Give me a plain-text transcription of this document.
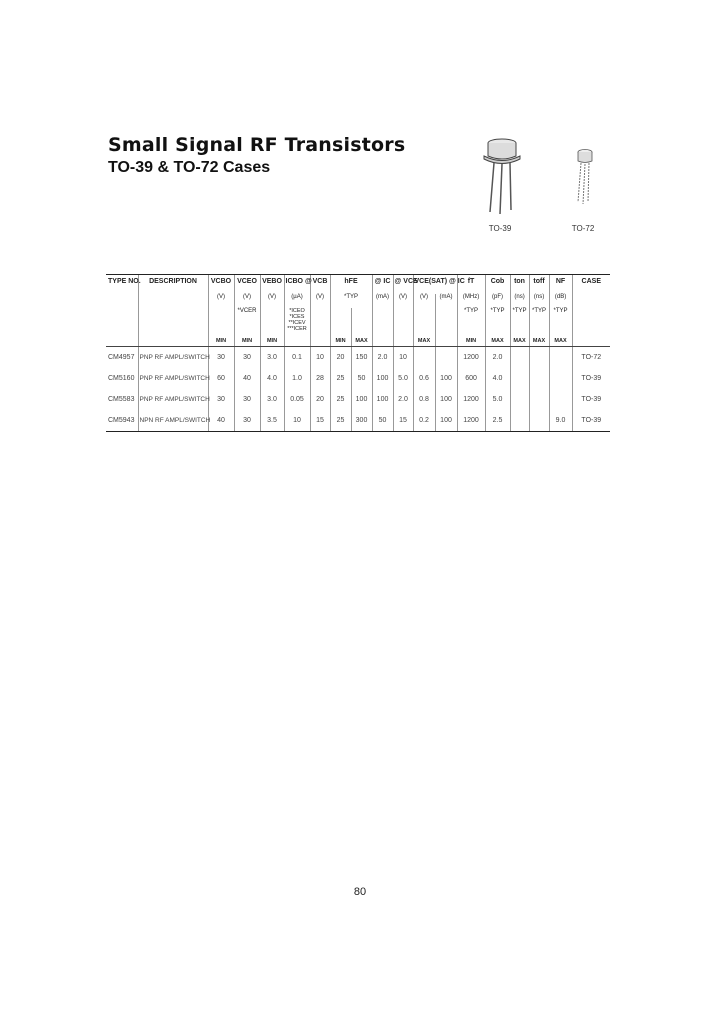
Small Signal RF Transistors
TO-39 & TO-72 Cases
TO-39	TO-72
TYPE NO.	DESCRIPTION	VCBO	VCEO	VEBO	ICBO @	VCB	hFE		@ IC	@ VCE	VCE(SAT) @ IC		fT	Cob	ton	toff	NF	CASE
		(V)	(V)	(V)	(µA)	(V)	*TYP		(mA)	(V)	(V)	(mA)	(MHz)	(pF)	(ns)	(ns)	(dB)	
			*VCER		*ICEO *ICES **ICEV ***ICER								*TYP	*TYP	*TYP	*TYP	*TYP	
		MIN	MIN	MIN			MIN	MAX			MAX		MIN	MAX	MAX	MAX	MAX	
CM4957	PNP RF AMPL/SWITCH	30	30	3.0	0.1	10	20	150	2.0	10			1200	2.0				TO-72
CM5160	PNP RF AMPL/SWITCH	60	40	4.0	1.0	28	25	50	100	5.0	0.6	100	600	4.0				TO-39
CM5583	PNP RF AMPL/SWITCH	30	30	3.0	0.05	20	25	100	100	2.0	0.8	100	1200	5.0				TO-39
CM5943	NPN RF AMPL/SWITCH	40	30	3.5	10	15	25	300	50	15	0.2	100	1200	2.5			9.0	TO-39
80
